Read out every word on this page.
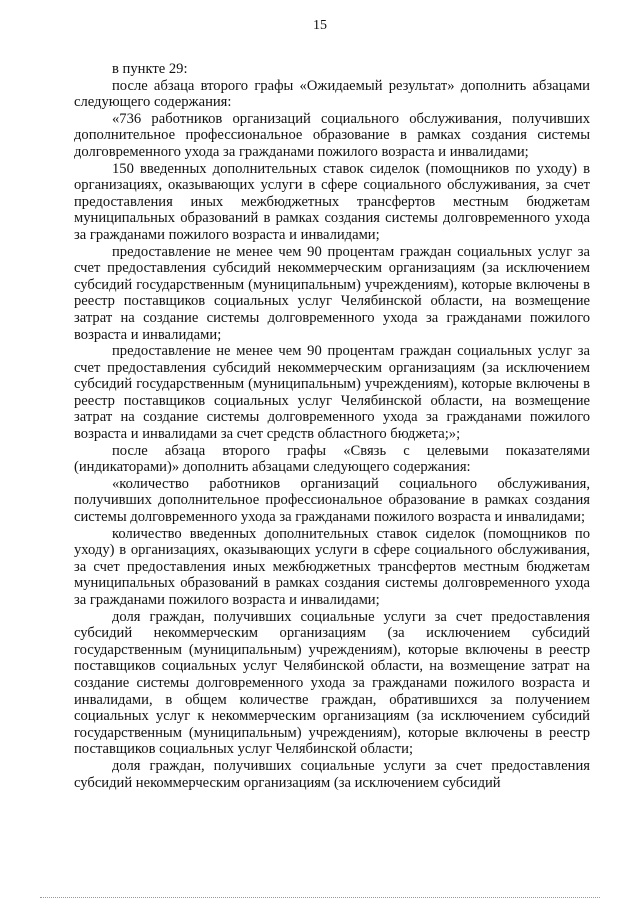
15

в пункте 29:

после абзаца второго графы «Ожидаемый результат» дополнить абзацами следующего содержания:

«736 работников организаций социального обслуживания, получивших дополнительное профессиональное образование в рамках создания системы долговременного ухода за гражданами пожилого возраста и инвалидами;

150 введенных дополнительных ставок сиделок (помощников по уходу) в организациях, оказывающих услуги в сфере социального обслуживания, за счет предоставления иных межбюджетных трансфертов местным бюджетам муниципальных образований в рамках создания системы долговременного ухода за гражданами пожилого возраста и инвалидами;

предоставление не менее чем 90 процентам граждан социальных услуг за счет предоставления субсидий некоммерческим организациям (за исключением субсидий государственным (муниципальным) учреждениям), которые включены в реестр поставщиков социальных услуг Челябинской области, на возмещение затрат на создание системы долговременного ухода за гражданами пожилого возраста и инвалидами;

предоставление не менее чем 90 процентам граждан социальных услуг за счет предоставления субсидий некоммерческим организациям (за исключением субсидий государственным (муниципальным) учреждениям), которые включены в реестр поставщиков социальных услуг Челябинской области, на возмещение затрат на создание системы долговременного ухода за гражданами пожилого возраста и инвалидами за счет средств областного бюджета;»;

после абзаца второго графы «Связь с целевыми показателями (индикаторами)» дополнить абзацами следующего содержания:

«количество работников организаций социального обслуживания, получивших дополнительное профессиональное образование в рамках создания системы долговременного ухода за гражданами пожилого возраста и инвалидами;

количество введенных дополнительных ставок сиделок (помощников по уходу) в организациях, оказывающих услуги в сфере социального обслуживания, за счет предоставления иных межбюджетных трансфертов местным бюджетам муниципальных образований в рамках создания системы долговременного ухода за гражданами пожилого возраста и инвалидами;

доля граждан, получивших социальные услуги за счет предоставления субсидий некоммерческим организациям (за исключением субсидий государственным (муниципальным) учреждениям), которые включены в реестр поставщиков социальных услуг Челябинской области, на возмещение затрат на создание системы долговременного ухода за гражданами пожилого возраста и инвалидами, в общем количестве граждан, обратившихся за получением социальных услуг к некоммерческим организациям (за исключением субсидий государственным (муниципальным) учреждениям), которые включены в реестр поставщиков социальных услуг Челябинской области;

доля граждан, получивших социальные услуги за счет предоставления субсидий некоммерческим организациям (за исключением субсидий
